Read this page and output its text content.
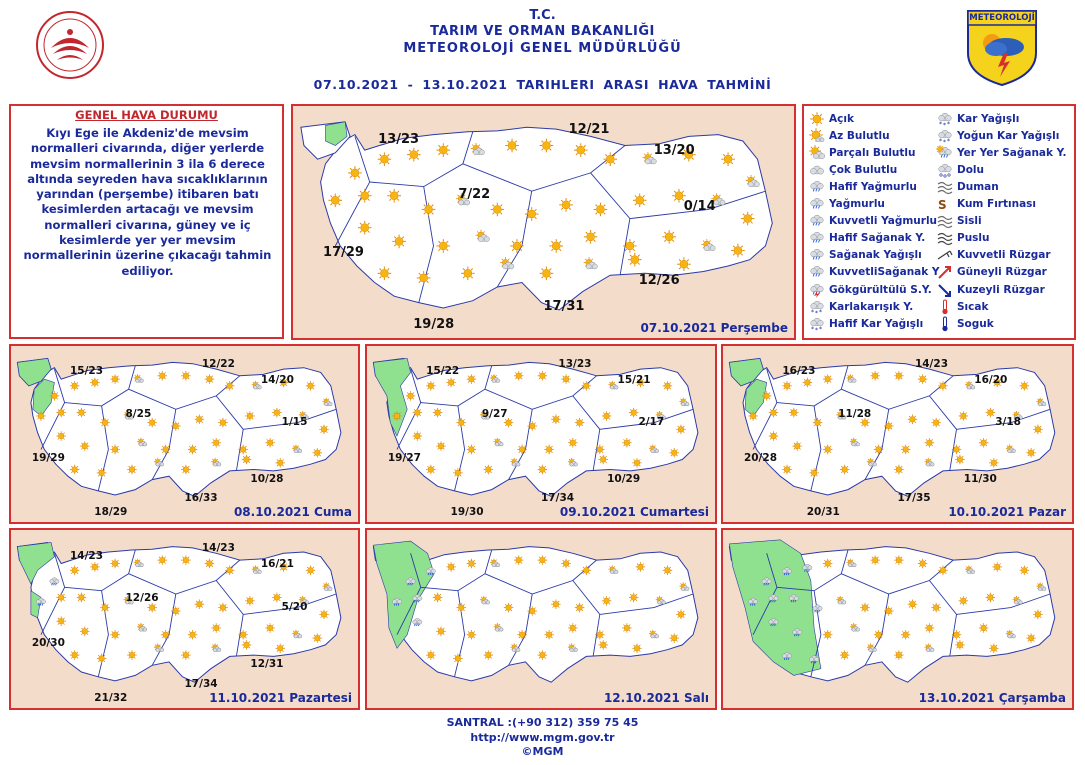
T.C.
TARIM VE ORMAN BAKANLIĞI
METEOROLOJİ GENEL MÜDÜRLÜĞÜ
07.10.2021 - 13.10.2021 TARIHLERI ARASI HAVA TAHMİNİ
METEOROLOJİ
GENEL HAVA DURUMU
Kıyı Ege ile Akdeniz'de mevsim normalleri civarında, diğer yerlerde mevsim normallerinin 3 ila 6 derece altında seyreden hava sıcaklıklarının yarından (perşembe) itibaren batı kesimlerden artacağı ve mevsim normalleri civarına, güney ve iç kesimlerde yer yer mevsim normallerinin üzerine çıkacağı tahmin ediliyor.
13/23
12/21
13/20
7/22
0/14
17/29
12/26
17/31
19/28	07.10.2021 Perşembe
Açık
Az Bulutlu
Parçalı Bulutlu
Çok Bulutlu
Hafif Yağmurlu
Yağmurlu
Kuvvetli Yağmurlu
Hafif Sağanak Y.
Sağanak Yağışlı
KuvvetliSağanak Y
Gökgürültülü S.Y.
* * * Karlakarışık Y.
* * * Hafif Kar Yağışlı
* * * Kar Yağışlı
* * * Yoğun Kar Yağışlı
Yer Yer Sağanak Y.
Dolu
Duman
S Kum Fırtınası
Sisli
Puslu
Kuvvetli Rüzgar
Güneyli Rüzgar
Kuzeyli Rüzgar
Sıcak
Soguk
15/23
12/22
14/20
8/25
1/15
19/29
10/28
16/33
18/29	08.10.2021 Cuma
15/22
13/23
15/21
9/27
2/17
19/27
10/29
17/34
19/30	09.10.2021 Cumartesi
16/23
14/23
16/20
11/28
3/18
20/28
11/30
17/35
20/31	10.10.2021 Pazar
14/23
14/23
16/21
12/26
5/20
20/30
12/31
17/34
21/32	11.10.2021 Pazartesi	12.10.2021 Salı	13.10.2021 Çarşamba
SANTRAL :(+90 312) 359 75 45
http://www.mgm.gov.tr
©MGM
